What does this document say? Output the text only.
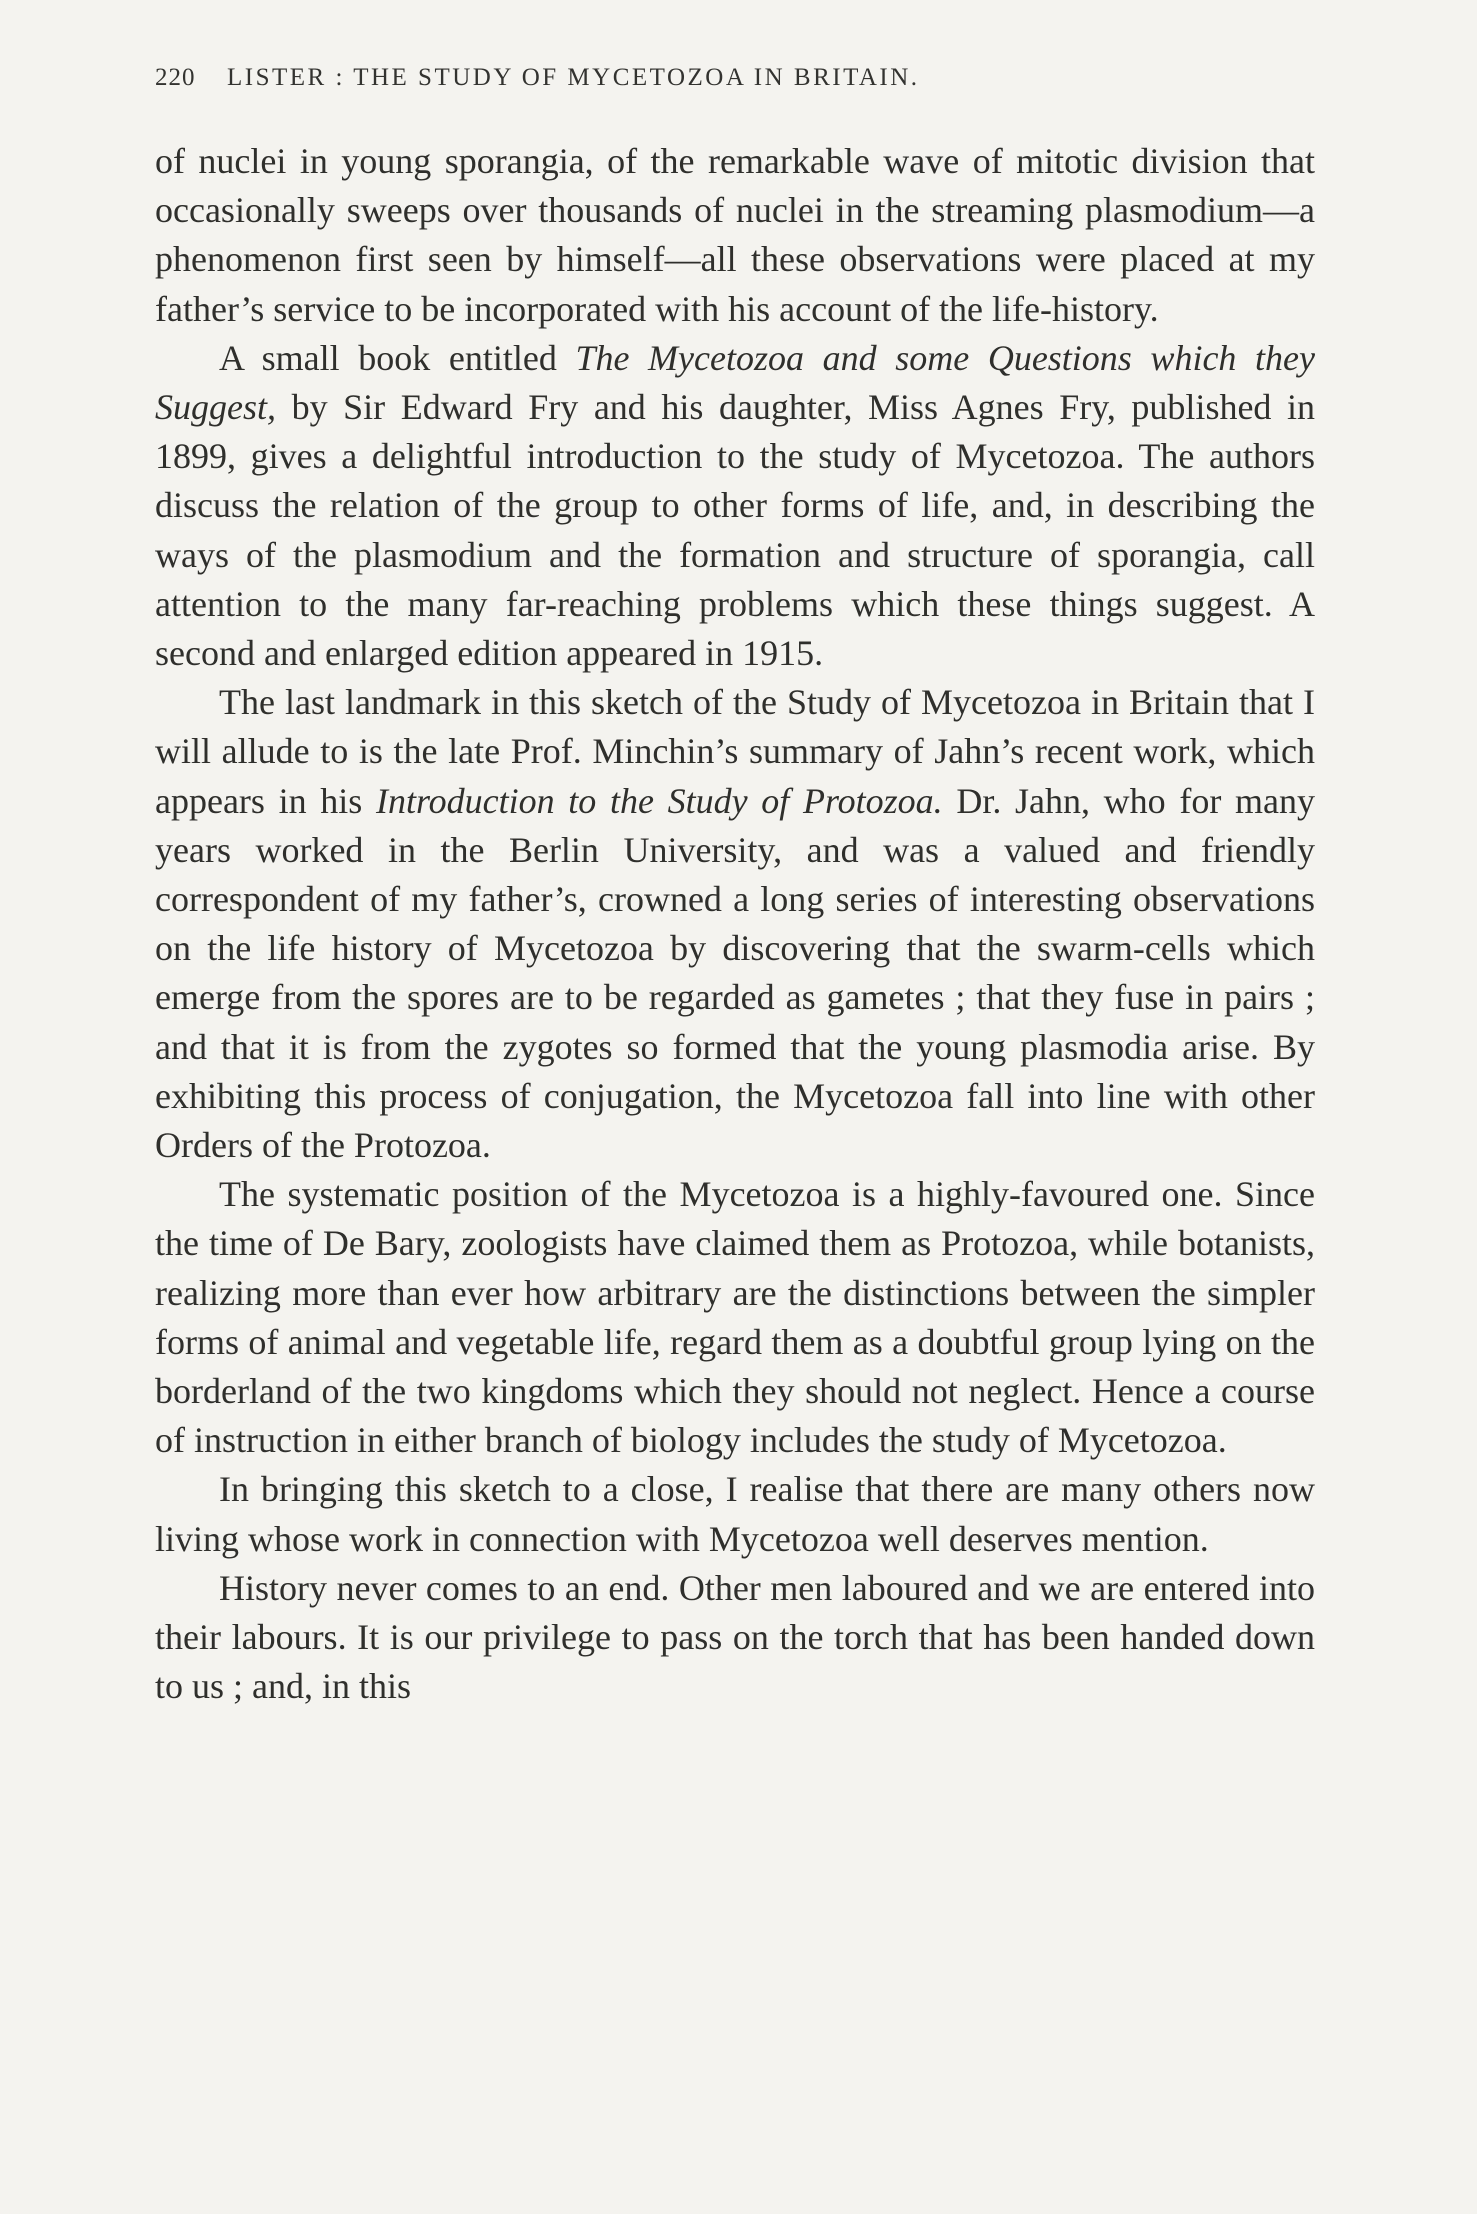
220 LISTER : THE STUDY OF MYCETOZOA IN BRITAIN.

of nuclei in young sporangia, of the remarkable wave of mitotic division that occasionally sweeps over thousands of nuclei in the streaming plasmodium—a phenomenon first seen by himself—all these observations were placed at my father’s service to be incorporated with his account of the life-history.

A small book entitled The Mycetozoa and some Questions which they Suggest, by Sir Edward Fry and his daughter, Miss Agnes Fry, published in 1899, gives a delightful introduction to the study of Mycetozoa. The authors discuss the relation of the group to other forms of life, and, in describing the ways of the plasmodium and the formation and structure of sporangia, call attention to the many far-reaching problems which these things suggest. A second and enlarged edition appeared in 1915.

The last landmark in this sketch of the Study of Mycetozoa in Britain that I will allude to is the late Prof. Minchin’s summary of Jahn’s recent work, which appears in his Introduction to the Study of Protozoa. Dr. Jahn, who for many years worked in the Berlin University, and was a valued and friendly correspondent of my father’s, crowned a long series of interesting observations on the life history of Mycetozoa by discovering that the swarm-cells which emerge from the spores are to be regarded as gametes ; that they fuse in pairs ; and that it is from the zygotes so formed that the young plasmodia arise. By exhibiting this process of conjugation, the Mycetozoa fall into line with other Orders of the Protozoa.

The systematic position of the Mycetozoa is a highly-favoured one. Since the time of De Bary, zoologists have claimed them as Protozoa, while botanists, realizing more than ever how arbitrary are the distinctions between the simpler forms of animal and vegetable life, regard them as a doubtful group lying on the borderland of the two kingdoms which they should not neglect. Hence a course of instruction in either branch of biology includes the study of Mycetozoa.

In bringing this sketch to a close, I realise that there are many others now living whose work in connection with Mycetozoa well deserves mention.

History never comes to an end. Other men laboured and we are entered into their labours. It is our privilege to pass on the torch that has been handed down to us ; and, in this
